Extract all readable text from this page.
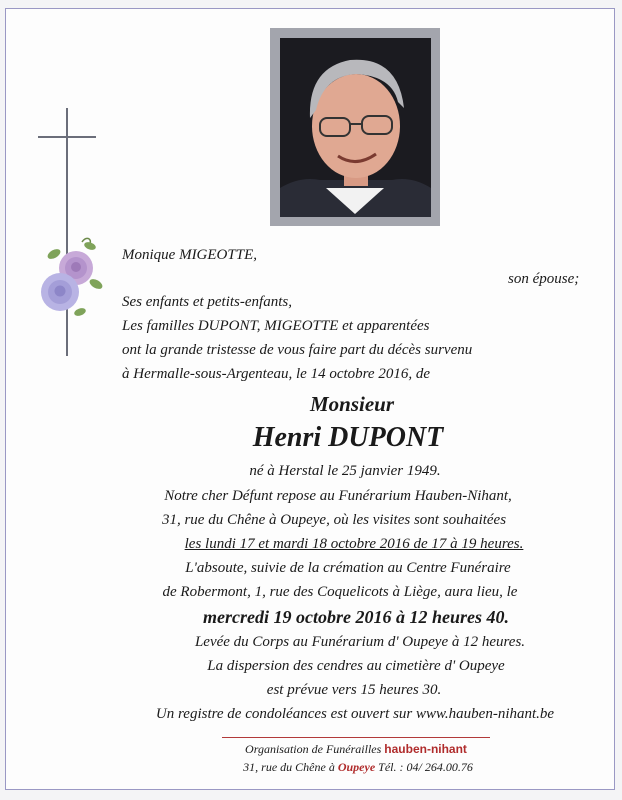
Monique MIGEOTTE,
son épouse;
Ses enfants et petits-enfants,
Les familles DUPONT, MIGEOTTE et apparentées
ont la grande tristesse de vous faire part du décès survenu
à Hermalle-sous-Argenteau, le 14 octobre 2016, de
Monsieur
Henri DUPONT
né à Herstal le 25 janvier 1949.
Notre cher Défunt repose au Funérarium Hauben-Nihant,
31, rue du Chêne à Oupeye, où les visites sont souhaitées
les lundi 17 et mardi 18 octobre 2016 de 17 à 19 heures.
L'absoute, suivie de la crémation au Centre Funéraire
de Robermont, 1, rue des Coquelicots à Liège, aura lieu, le
mercredi 19 octobre 2016 à 12 heures 40.
Levée du Corps au Funérarium d' Oupeye à 12 heures.
La dispersion des cendres au cimetière d' Oupeye
est prévue vers 15 heures 30.
Un registre de condoléances est ouvert sur www.hauben-nihant.be
Organisation de Funérailles hauben-nihant
31, rue du Chêne à Oupeye Tél. : 04/ 264.00.76
